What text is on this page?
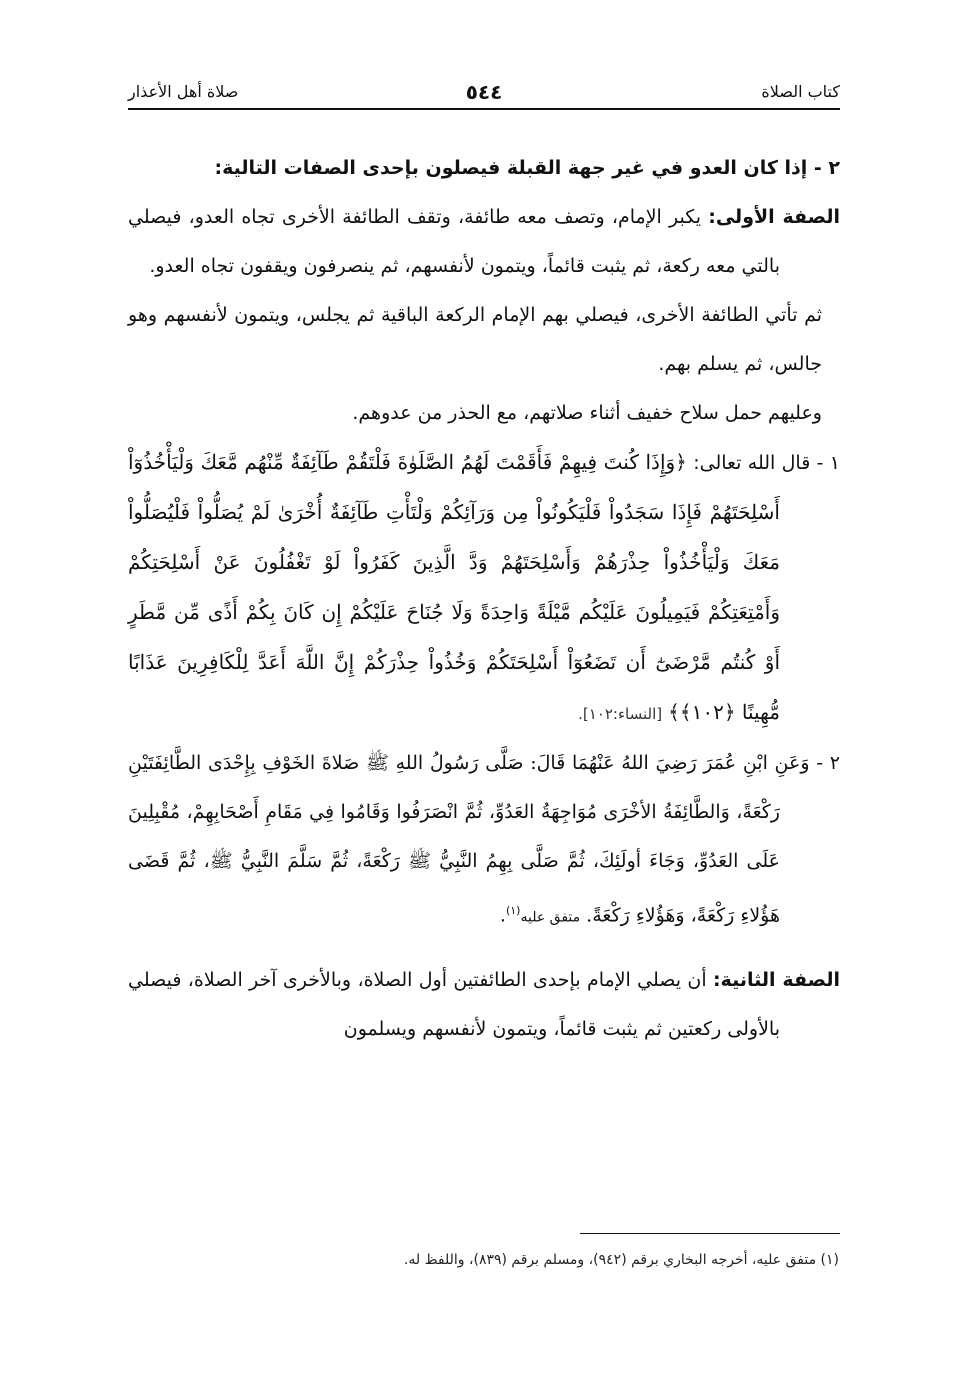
كتاب الصلاة
٥٤٤
صلاة أهل الأعذار

٢ - إذا كان العدو في غير جهة القبلة فيصلون بإحدى الصفات التالية:

الصفة الأولى: يكبر الإمام، وتصف معه طائفة، وتقف الطائفة الأخرى تجاه العدو، فيصلي بالتي معه ركعة، ثم يثبت قائماً، ويتمون لأنفسهم، ثم ينصرفون ويقفون تجاه العدو.

ثم تأتي الطائفة الأخرى، فيصلي بهم الإمام الركعة الباقية ثم يجلس، ويتمون لأنفسهم وهو جالس، ثم يسلم بهم.

وعليهم حمل سلاح خفيف أثناء صلاتهم، مع الحذر من عدوهم.

١ - قال الله تعالى: ﴿وَإِذَا كُنتَ فِيهِمْ فَأَقَمْتَ لَهُمُ الصَّلَوٰةَ فَلْتَقُمْ طَآئِفَةٌ مِّنْهُم مَّعَكَ وَلْيَأْخُذُوٓاْ أَسْلِحَتَهُمْ فَإِذَا سَجَدُواْ فَلْيَكُونُواْ مِن وَرَآئِكُمْ وَلْتَأْتِ طَآئِفَةٌ أُخْرَىٰ لَمْ يُصَلُّواْ فَلْيُصَلُّواْ مَعَكَ وَلْيَأْخُذُواْ حِذْرَهُمْ وَأَسْلِحَتَهُمْ وَدَّ الَّذِينَ كَفَرُواْ لَوْ تَغْفُلُونَ عَنْ أَسْلِحَتِكُمْ وَأَمْتِعَتِكُمْ فَيَمِيلُونَ عَلَيْكُم مَّيْلَةً وَاحِدَةً وَلَا جُنَاحَ عَلَيْكُمْ إِن كَانَ بِكُمْ أَذًى مِّن مَّطَرٍ أَوْ كُنتُم مَّرْضَىٰٓ أَن تَضَعُوٓاْ أَسْلِحَتَكُمْ وَخُذُواْ حِذْرَكُمْ إِنَّ اللَّهَ أَعَدَّ لِلْكَافِرِينَ عَذَابًا مُّهِينًا ﴿١٠٢﴾﴾ [النساء:١٠٢].

٢ - وَعَنِ ابْنِ عُمَرَ رَضِيَ اللهُ عَنْهُمَا قَالَ: صَلَّى رَسُولُ اللهِ ﷺ صَلاةَ الخَوْفِ بِإِحْدَى الطَّائِفَتَيْنِ رَكْعَةً، وَالطَّائِفَةُ الأخْرَى مُوَاجِهَةُ العَدُوِّ، ثُمَّ انْصَرَفُوا وَقَامُوا فِي مَقَامِ أَصْحَابِهِمْ، مُقْبِلِينَ عَلَى العَدُوِّ، وَجَاءَ أولَئِكَ، ثُمَّ صَلَّى بِهِمُ النَّبِيُّ ﷺ رَكْعَةً، ثُمَّ سَلَّمَ النَّبِيُّ ﷺ، ثُمَّ قَضَى هَؤُلاءِ رَكْعَةً، وَهَؤُلاءِ رَكْعَةً. متفق عليه$^{(١)}$.

الصفة الثانية: أن يصلي الإمام بإحدى الطائفتين أول الصلاة، وبالأخرى آخر الصلاة، فيصلي بالأولى ركعتين ثم يثبت قائماً، ويتمون لأنفسهم ويسلمون

(١) متفق عليه، أخرجه البخاري برقم (٩٤٢)، ومسلم برقم (٨٣٩)، واللفظ له.
